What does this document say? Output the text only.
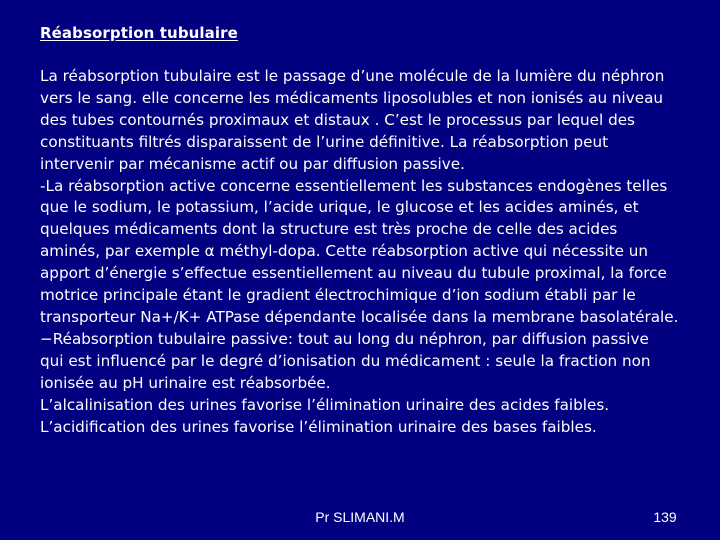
Réabsorption tubulaire
La réabsorption tubulaire est le passage d’une molécule de la lumière du néphron
vers le sang. elle concerne les médicaments liposolubles et non ionisés au niveau
des tubes contournés proximaux et distaux . C’est le processus par lequel des
constituants filtrés disparaissent de l’urine définitive. La réabsorption peut
intervenir par mécanisme actif ou par diffusion passive.
-La réabsorption active concerne essentiellement les substances endogènes telles
que le sodium, le potassium, l’acide urique, le glucose et les acides aminés, et
quelques médicaments dont la structure est très proche de celle des acides
aminés, par exemple α méthyl-dopa. Cette réabsorption active qui nécessite un
apport d’énergie s’effectue essentiellement au niveau du tubule proximal, la force
motrice principale étant le gradient électrochimique d’ion sodium établi par le
transporteur Na+/K+ ATPase dépendante localisée dans la membrane basolatérale.
−Réabsorption tubulaire passive: tout au long du néphron, par diffusion passive
qui est influencé par le degré d’ionisation du médicament : seule la fraction non
ionisée au pH urinaire est réabsorbée.
L’alcalinisation des urines favorise l’élimination urinaire des acides faibles.
L’acidification des urines favorise l’élimination urinaire des bases faibles.
Pr SLIMANI.M	139
